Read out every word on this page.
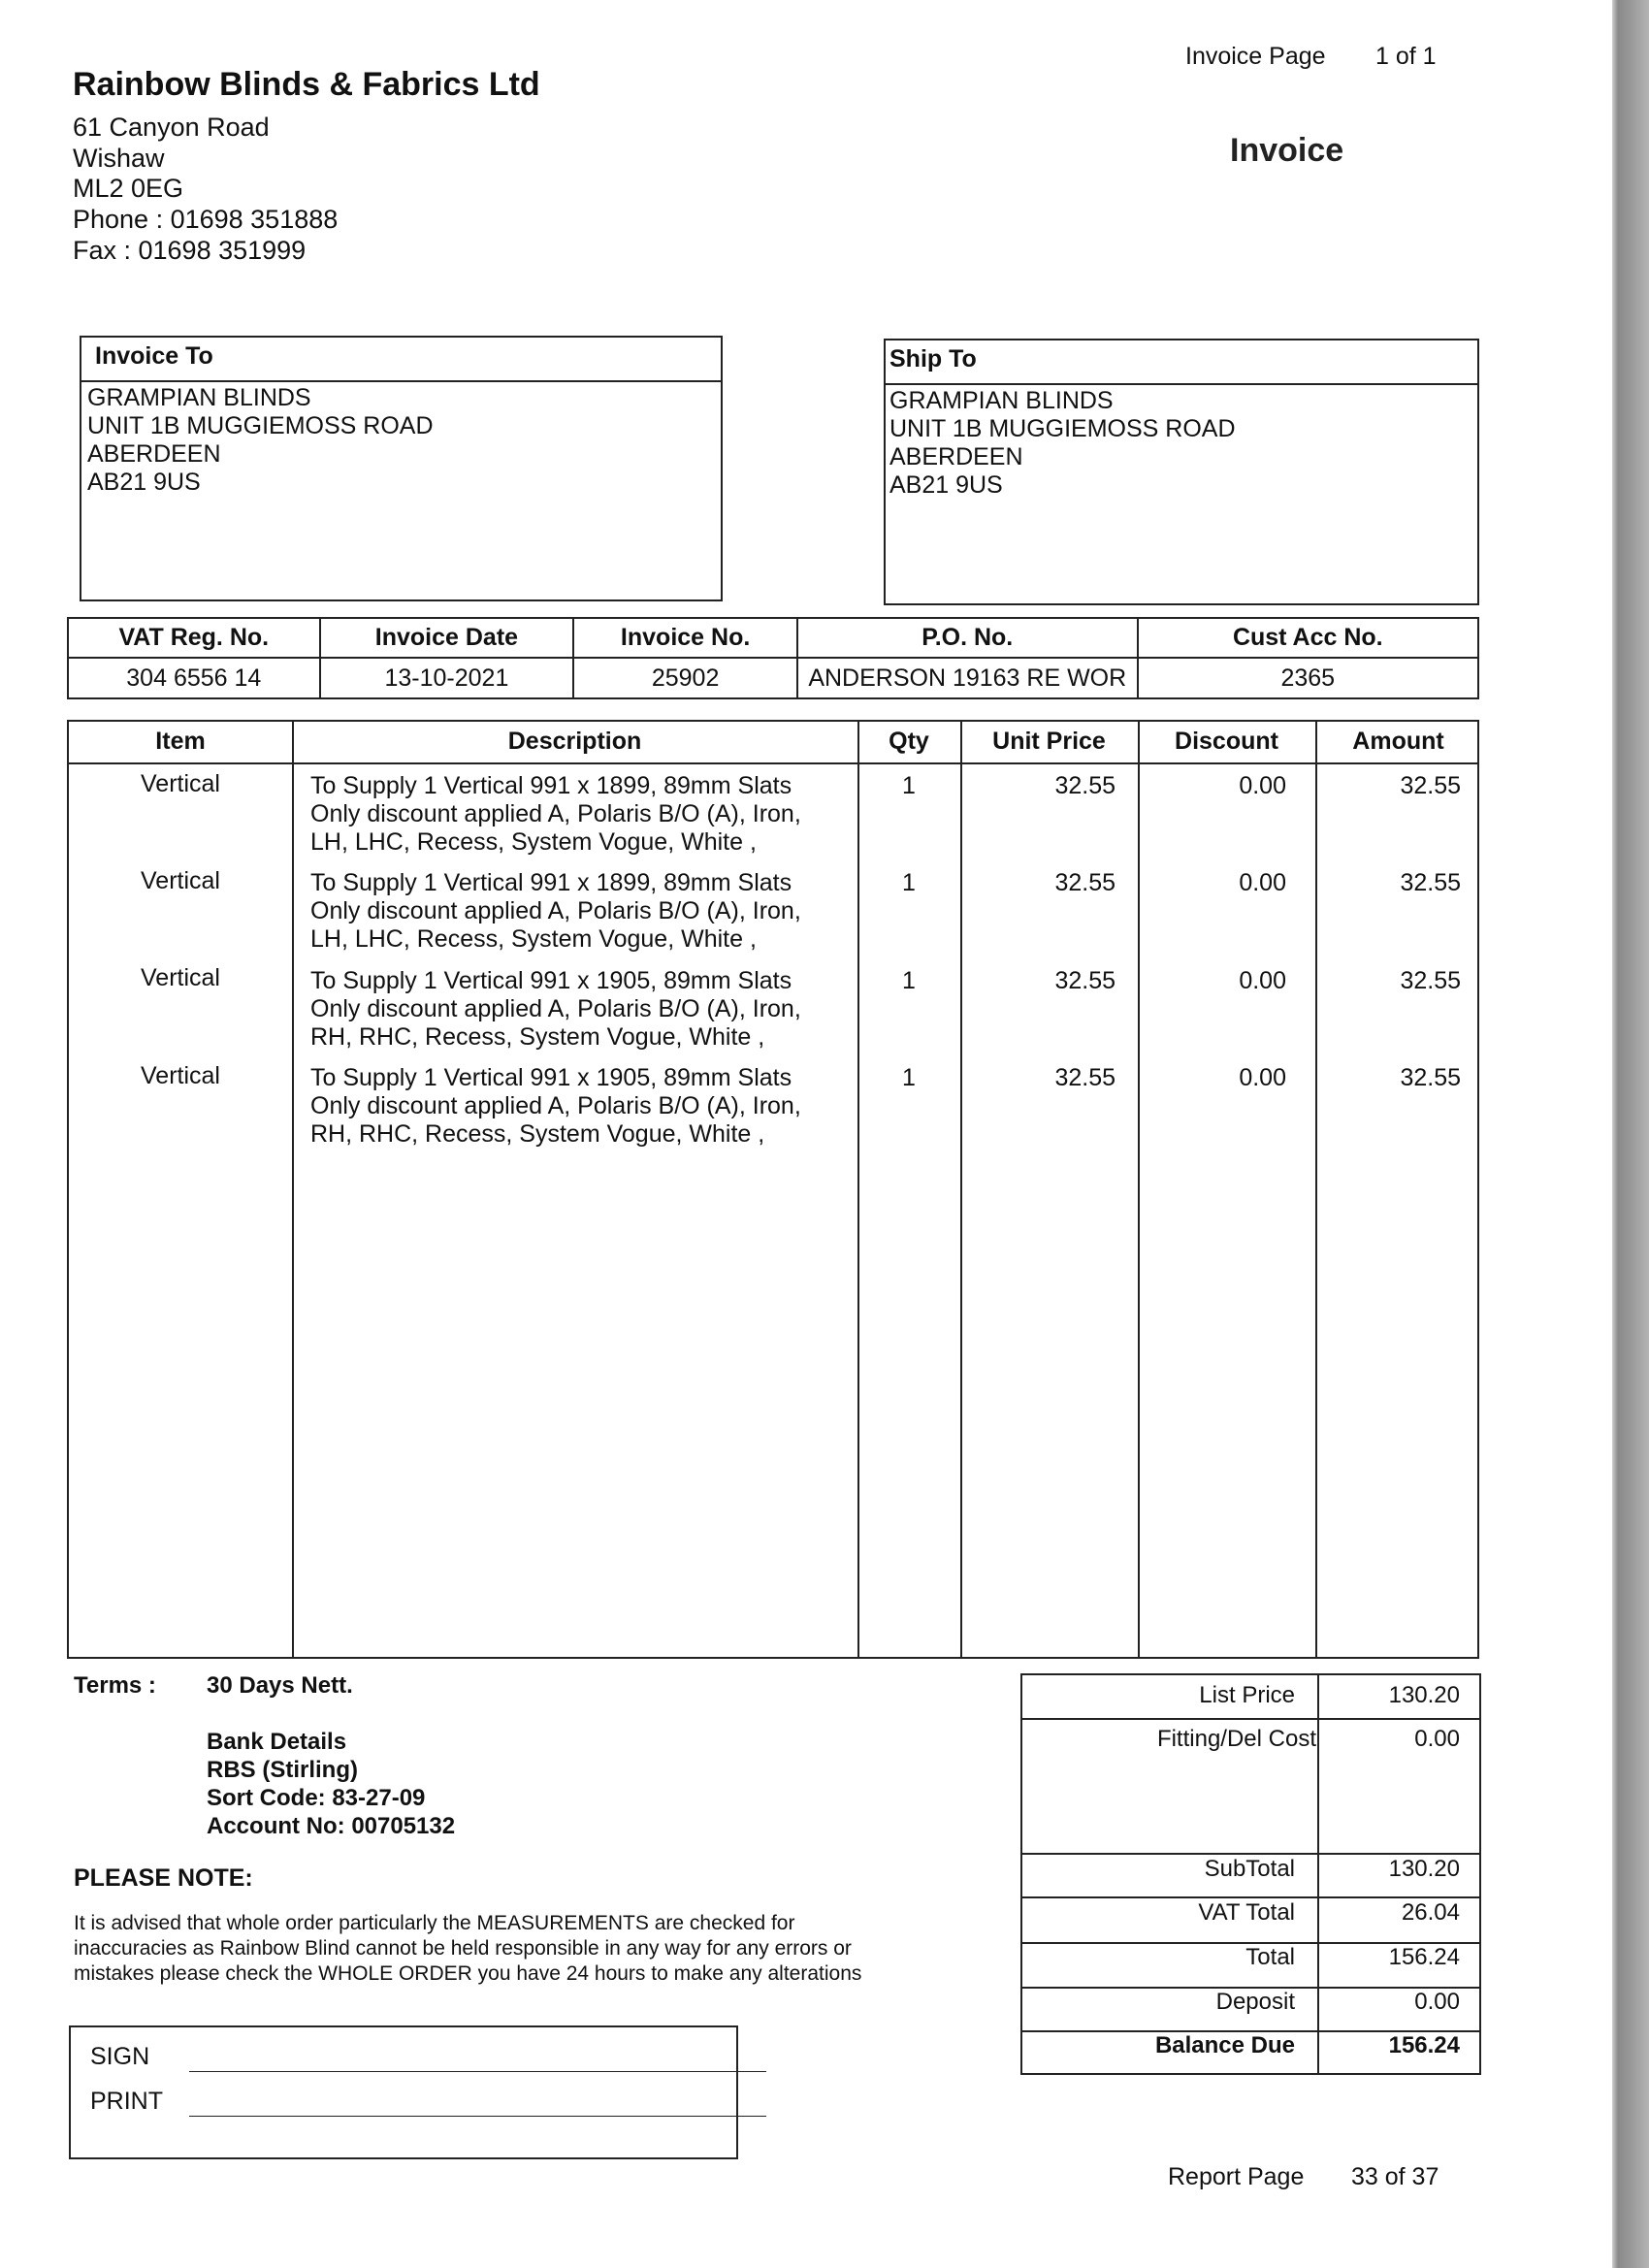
Rainbow Blinds & Fabrics Ltd
61 Canyon Road
Wishaw
ML2 0EG
Phone : 01698 351888
Fax : 01698 351999
Invoice Page 1 of 1
Invoice
Invoice To
GRAMPIAN BLINDS
UNIT 1B MUGGIEMOSS ROAD
ABERDEEN
AB21 9US
Ship To
GRAMPIAN BLINDS
UNIT 1B MUGGIEMOSS ROAD
ABERDEEN
AB21 9US
VAT Reg. No.	Invoice Date	Invoice No.	P.O. No.	Cust Acc No.
304 6556 14	13-10-2021	25902	ANDERSON 19163 RE WOR	2365
Item	Description	Qty	Unit Price	Discount	Amount
Vertical	To Supply 1 Vertical 991 x 1899, 89mm Slats
Only discount applied A, Polaris B/O (A), Iron,
LH, LHC, Recess, System Vogue, White ,
1	32.55	0.00	32.55
Vertical	To Supply 1 Vertical 991 x 1899, 89mm Slats
Only discount applied A, Polaris B/O (A), Iron,
LH, LHC, Recess, System Vogue, White ,
1	32.55	0.00	32.55
Vertical	To Supply 1 Vertical 991 x 1905, 89mm Slats
Only discount applied A, Polaris B/O (A), Iron,
RH, RHC, Recess, System Vogue, White ,
1	32.55	0.00	32.55
Vertical	To Supply 1 Vertical 991 x 1905, 89mm Slats
Only discount applied A, Polaris B/O (A), Iron,
RH, RHC, Recess, System Vogue, White ,
1	32.55	0.00	32.55
Terms : 30 Days Nett.
Bank Details
RBS (Stirling)
Sort Code: 83-27-09
Account No: 00705132
PLEASE NOTE:
It is advised that whole order particularly the MEASUREMENTS are checked for
inaccuracies as Rainbow Blind cannot be held responsible in any way for any errors or
mistakes please check the WHOLE ORDER you have 24 hours to make any alterations
List Price	130.20
Fitting/Del Cost	0.00
SubTotal	130.20
VAT Total	26.04
Total	156.24
Deposit	0.00
Balance Due	156.24
SIGN
PRINT
Report Page 33 of 37
